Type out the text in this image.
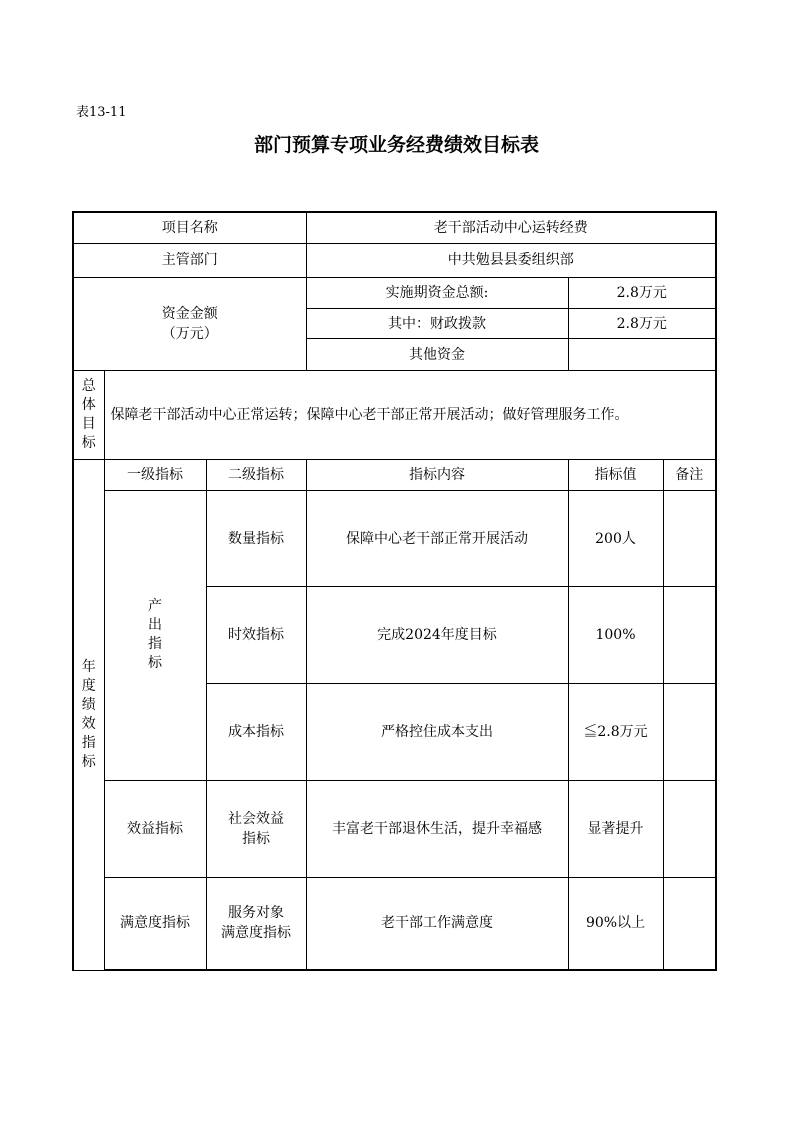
表13-11
部门预算专项业务经费绩效目标表
项目名称			老干部活动中心运转经费		
主管部门			中共勉县县委组织部		

资金金额
（万元）			实施期资金总额:	2.8万元	
			其中：财政拨款	2.8万元	
			其他资金		
总体目标	保障老干部活动中心正常运转；保障中心老干部正常开展活动；做好管理服务工作。				
年度绩效指标	一级指标	二级指标	指标内容	指标值	备注
	产出指标	数量指标	保障中心老干部正常开展活动	200人	
		时效指标	完成2024年度目标	100%	
		成本指标	严格控住成本支出	≦2.8万元	
	效益指标	社会效益
指标	丰富老干部退休生活，提升幸福感	显著提升	
	满意度指标	服务对象
满意度指标	老干部工作满意度	90%以上	
